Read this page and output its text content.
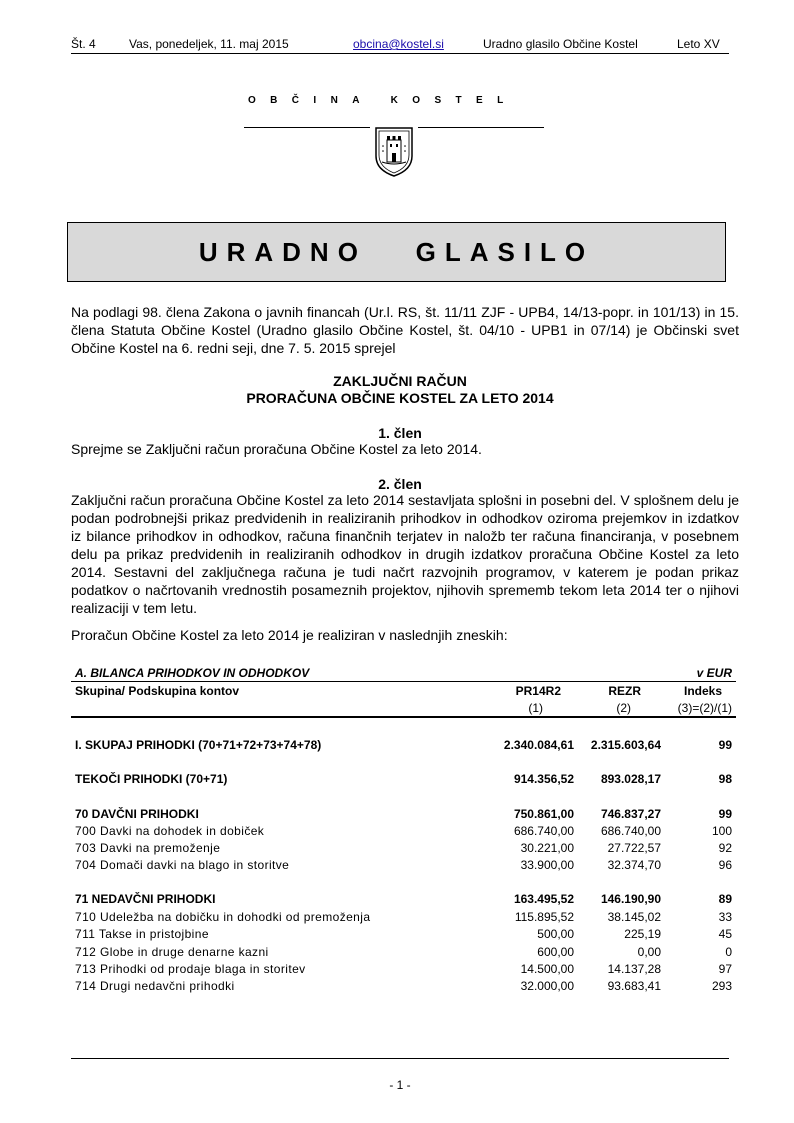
Št. 4	Vas, ponedeljek, 11. maj 2015	obcina@kostel.si	Uradno glasilo Občine Kostel	Leto XV
OBČINA KOSTEL
URADNO   GLASILO
Na podlagi 98. člena Zakona o javnih financah (Ur.l. RS, št. 11/11 ZJF - UPB4, 14/13-popr. in 101/13) in 15. člena Statuta Občine Kostel (Uradno glasilo Občine Kostel, št. 04/10 - UPB1 in 07/14) je Občinski svet Občine Kostel na 6. redni seji, dne 7. 5. 2015 sprejel
ZAKLJUČNI RAČUN
PRORAČUNA OBČINE KOSTEL ZA LETO 2014
1. člen
Sprejme se Zaključni račun proračuna Občine Kostel za leto 2014.
2. člen
Zaključni račun proračuna Občine Kostel za leto 2014 sestavljata splošni in posebni del. V splošnem delu je podan podrobnejši prikaz predvidenih in realiziranih prihodkov in odhodkov oziroma prejemkov in izdatkov iz bilance prihodkov in odhodkov, računa finančnih terjatev in naložb ter računa financiranja, v posebnem delu pa prikaz predvidenih in realiziranih odhodkov in drugih izdatkov proračuna Občine Kostel za leto 2014. Sestavni del zaključnega računa je tudi načrt razvojnih programov, v katerem je podan prikaz podatkov o načrtovanih vrednostih posameznih projektov, njihovih sprememb tekom leta 2014 ter o njihovi realizaciji v tem letu.
Proračun Občine Kostel za leto 2014 je realiziran v naslednjih zneskih:
A. BILANCA PRIHODKOV IN ODHODKOV	v EUR
Skupina/ Podskupina kontov	PR14R2	REZR	Indeks
(1)	(2)	(3)=(2)/(1)
I. SKUPAJ PRIHODKI (70+71+72+73+74+78)	2.340.084,61 2.315.603,64	99
TEKOČI PRIHODKI (70+71)	914.356,52 893.028,17	98
70 DAVČNI PRIHODKI	750.861,00 746.837,27	99
700 Davki na dohodek in dobiček	686.740,00 686.740,00	100
703 Davki na premoženje	30.221,00	27.722,57	92
704 Domači davki na blago in storitve	33.900,00	32.374,70	96
71 NEDAVČNI PRIHODKI	163.495,52 146.190,90	89
710 Udeležba na dobičku in dohodki od premoženja	115.895,52	38.145,02	33
711 Takse in pristojbine	500,00	225,19	45
712 Globe in druge denarne kazni	600,00	0,00	0
713 Prihodki od prodaje blaga in storitev	14.500,00	14.137,28	97
714 Drugi nedavčni prihodki	32.000,00	93.683,41	293
- 1 -
